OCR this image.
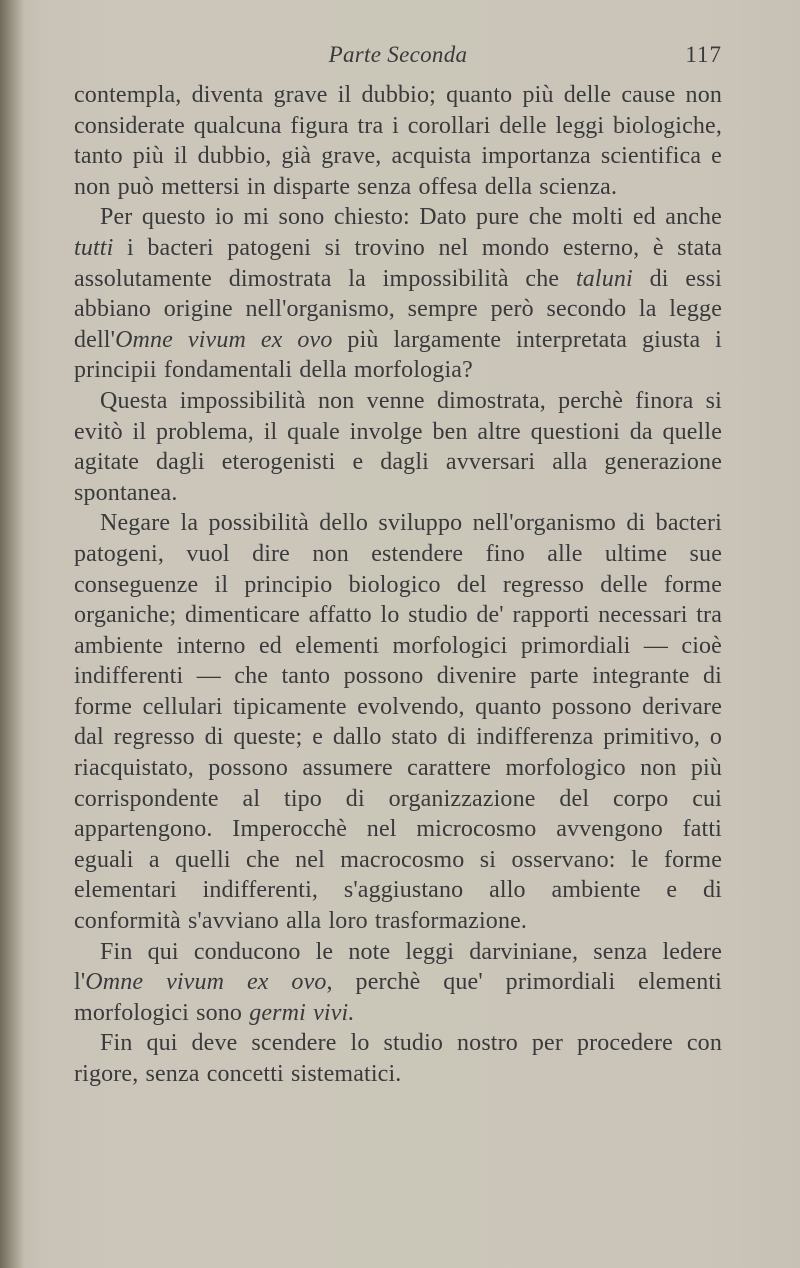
Parte Seconda	117

contempla, diventa grave il dubbio; quanto più delle cause non considerate qualcuna figura tra i corollari delle leggi biologiche, tanto più il dubbio, già grave, acquista importanza scientifica e non può mettersi in disparte senza offesa della scienza.

Per questo io mi sono chiesto: Dato pure che molti ed anche tutti i bacteri patogeni si trovino nel mondo esterno, è stata assolutamente dimostrata la impossibilità che taluni di essi abbiano origine nell'organismo, sempre però secondo la legge dell'Omne vivum ex ovo più largamente interpretata giusta i principii fondamentali della morfologia?

Questa impossibilità non venne dimostrata, perchè finora si evitò il problema, il quale involge ben altre questioni da quelle agitate dagli eterogenisti e dagli avversari alla generazione spontanea.

Negare la possibilità dello sviluppo nell'organismo di bacteri patogeni, vuol dire non estendere fino alle ultime sue conseguenze il principio biologico del regresso delle forme organiche; dimenticare affatto lo studio de' rapporti necessari tra ambiente interno ed elementi morfologici primordiali — cioè indifferenti — che tanto possono divenire parte integrante di forme cellulari tipicamente evolvendo, quanto possono derivare dal regresso di queste; e dallo stato di indifferenza primitivo, o riacquistato, possono assumere carattere morfologico non più corrispondente al tipo di organizzazione del corpo cui appartengono. Imperocchè nel microcosmo avvengono fatti eguali a quelli che nel macrocosmo si osservano: le forme elementari indifferenti, s'aggiustano allo ambiente e di conformità s'avviano alla loro trasformazione.

Fin qui conducono le note leggi darviniane, senza ledere l'Omne vivum ex ovo, perchè que' primordiali elementi morfologici sono germi vivi.

Fin qui deve scendere lo studio nostro per procedere con rigore, senza concetti sistematici.
